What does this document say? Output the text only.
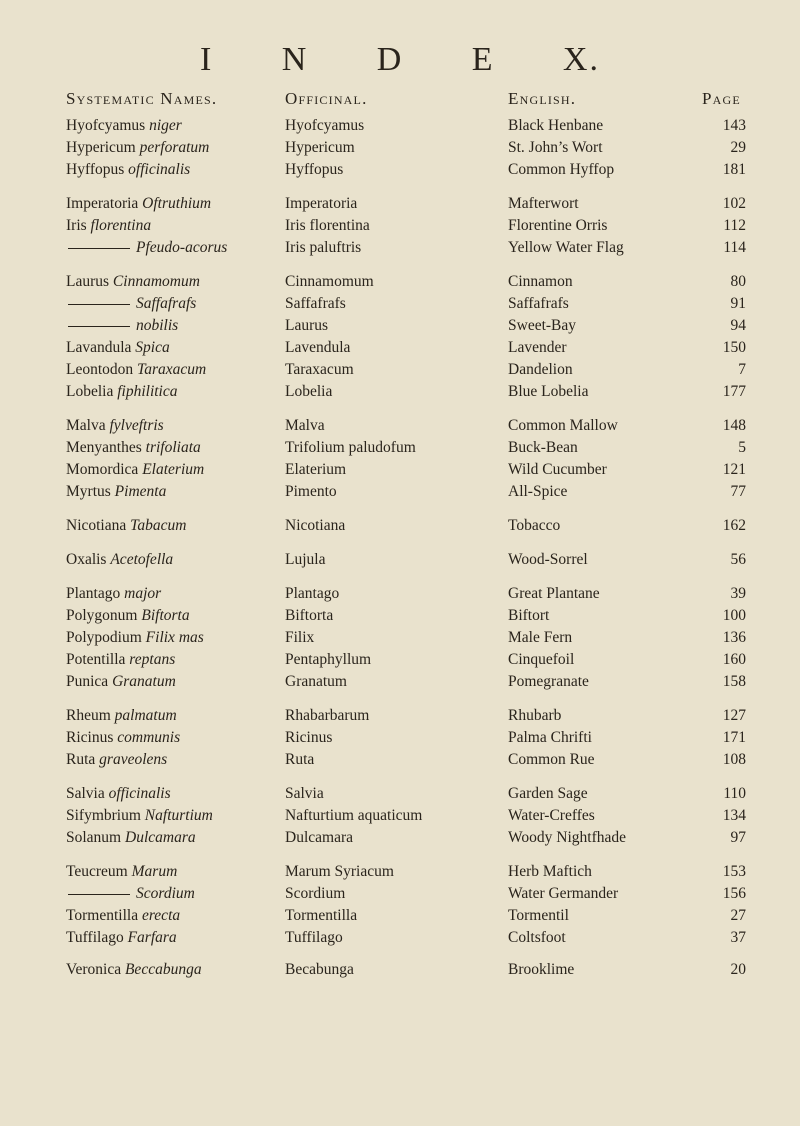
I N D E X.
Systematic Names.	Officinal.	English.	Page
Hyofcyamus niger	Hyofcyamus	Black Henbane	143
Hypericum perforatum	Hypericum	St. John’s Wort	29
Hyffopus officinalis	Hyffopus	Common Hyffop	181
Imperatoria Oftruthium	Imperatoria	Mafterwort	102
Iris florentina	Iris florentina	Florentine Orris	112
Pfeudo-acorus	Iris paluftris	Yellow Water Flag	114
Laurus Cinnamomum	Cinnamomum	Cinnamon	80
Saffafrafs	Saffafrafs	Saffafrafs	91
nobilis	Laurus	Sweet-Bay	94
Lavandula Spica	Lavendula	Lavender	150
Leontodon Taraxacum	Taraxacum	Dandelion	7
Lobelia fiphilitica	Lobelia	Blue Lobelia	177
Malva fylveftris	Malva	Common Mallow	148
Menyanthes trifoliata	Trifolium paludofum	Buck-Bean	5
Momordica Elaterium	Elaterium	Wild Cucumber	121
Myrtus Pimenta	Pimento	All-Spice	77
Nicotiana Tabacum	Nicotiana	Tobacco	162
Oxalis Acetofella	Lujula	Wood-Sorrel	56
Plantago major	Plantago	Great Plantane	39
Polygonum Biftorta	Biftorta	Biftort	100
Polypodium Filix mas	Filix	Male Fern	136
Potentilla reptans	Pentaphyllum	Cinquefoil	160
Punica Granatum	Granatum	Pomegranate	158
Rheum palmatum	Rhabarbarum	Rhubarb	127
Ricinus communis	Ricinus	Palma Chrifti	171
Ruta graveolens	Ruta	Common Rue	108
Salvia officinalis	Salvia	Garden Sage	110
Sifymbrium Nafturtium	Nafturtium aquaticum	Water-Creffes	134
Solanum Dulcamara	Dulcamara	Woody Nightfhade	97
Teucreum Marum	Marum Syriacum	Herb Maftich	153
Scordium	Scordium	Water Germander	156
Tormentilla erecta	Tormentilla	Tormentil	27
Tuffilago Farfara	Tuffilago	Coltsfoot	37
Veronica Beccabunga	Becabunga	Brooklime	20
